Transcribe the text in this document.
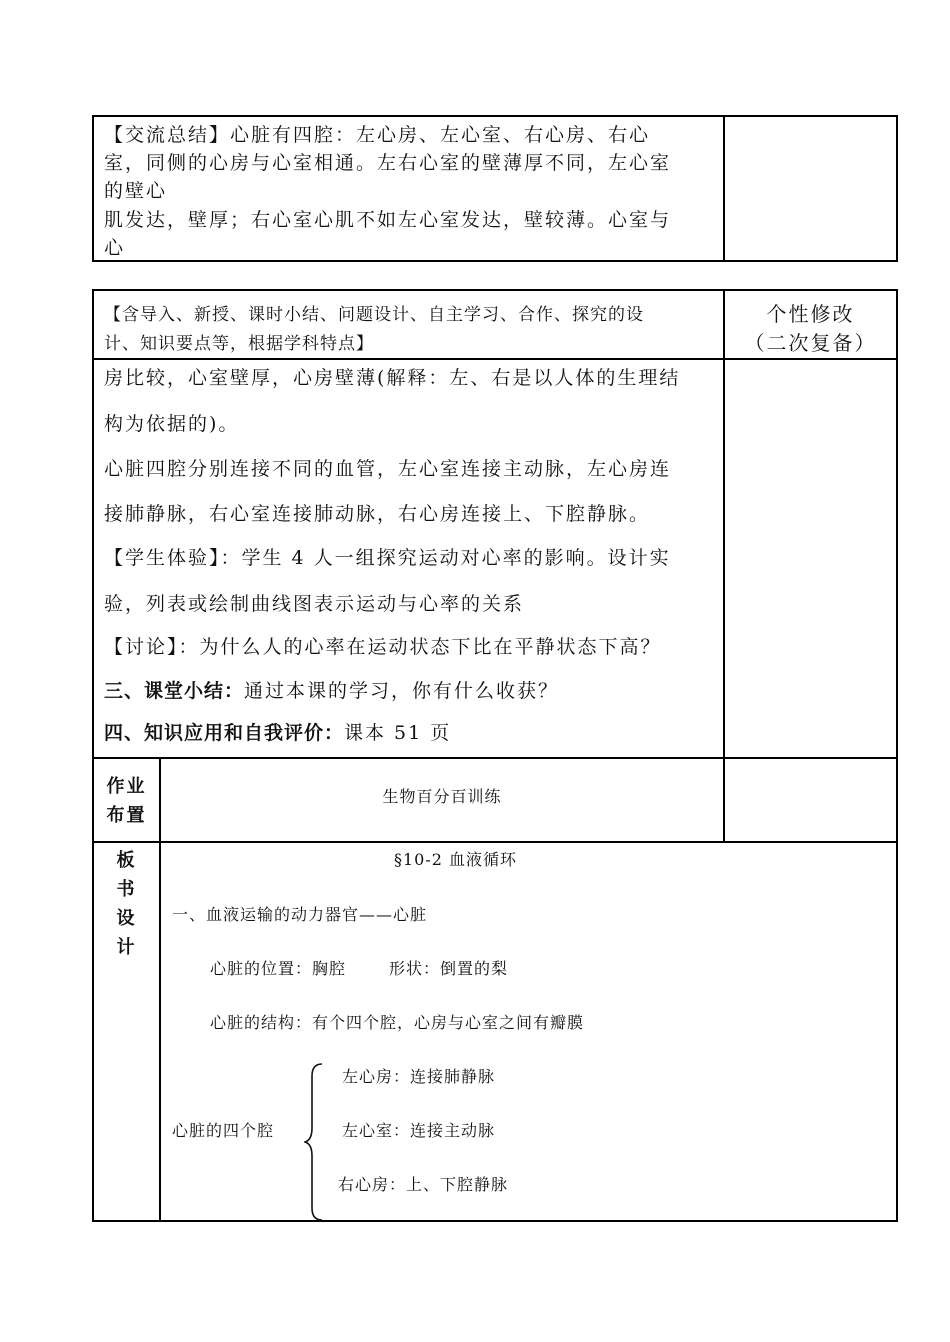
【交流总结】心脏有四腔：左心房、左心室、右心房、右心
室，同侧的心房与心室相通。左右心室的壁薄厚不同，左心室
的壁心
肌发达，壁厚；右心室心肌不如左心室发达，壁较薄。心室与
心
【含导入、新授、课时小结、问题设计、自主学习、合作、探究的设
计、知识要点等，根据学科特点】
个性修改
（二次复备）
房比较，心室壁厚，心房壁薄(解释：左、右是以人体的生理结
构为依据的)。
心脏四腔分别连接不同的血管，左心室连接主动脉，左心房连
接肺静脉，右心室连接肺动脉，右心房连接上、下腔静脉。
【学生体验】：学生 4 人一组探究运动对心率的影响。设计实
验，列表或绘制曲线图表示运动与心率的关系
【讨论】：为什么人的心率在运动状态下比在平静状态下高？
三、课堂小结：通过本课的学习，你有什么收获？
四、知识应用和自我评价：课本 51 页
作业
布置
生物百分百训练
板
书
设
计
§10-2 血液循环
一、血液运输的动力器官——心脏
心脏的位置：胸腔	形状：倒置的梨
心脏的结构：有个四个腔，心房与心室之间有瓣膜
心脏的四个腔
左心房：连接肺静脉
左心室：连接主动脉
右心房：上、下腔静脉
